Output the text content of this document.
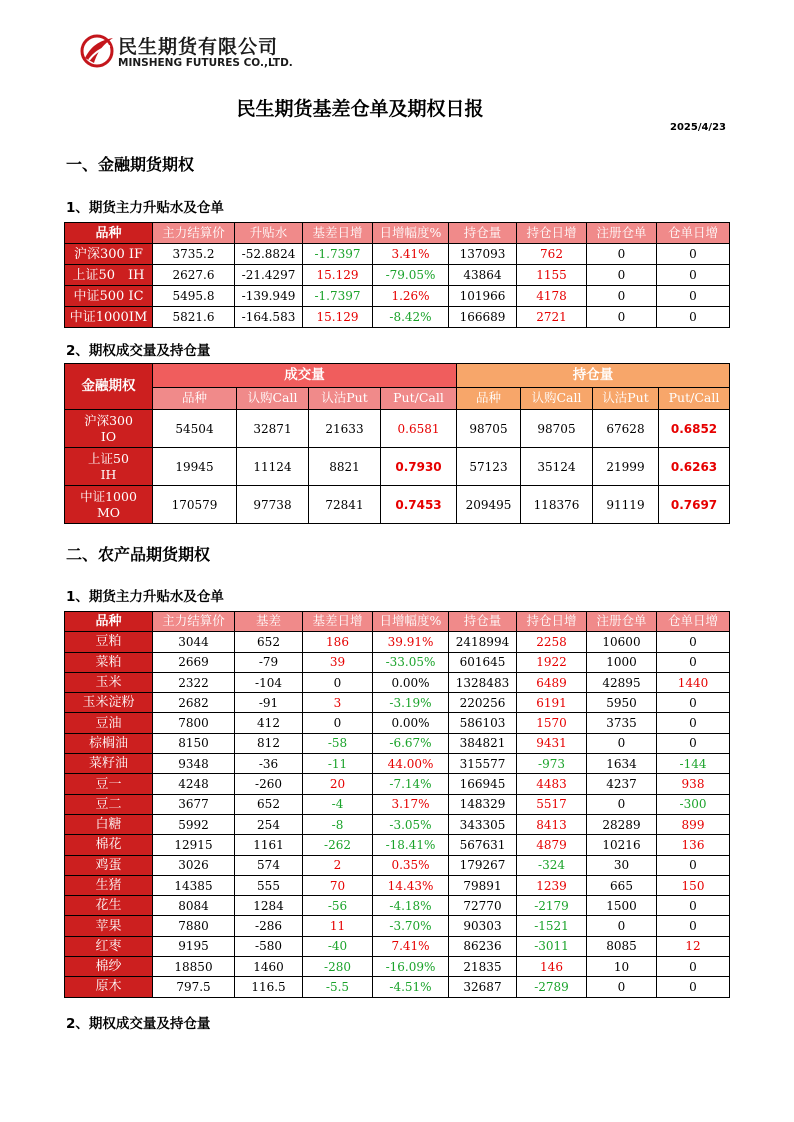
民生期货有限公司
MINSHENG FUTURES CO.,LTD.
民生期货基差仓单及期权日报
2025/4/23
一、金融期货期权
1、期货主力升贴水及仓单
品种	主力结算价	升贴水	基差日增	日增幅度%	持仓量	持仓日增	注册仓单	仓单日增
沪深300 IF	3735.2	-52.8824	-1.7397	3.41%	137093	762	0	0
上证50　IH	2627.6	-21.4297	15.129	-79.05%	43864	1155	0	0
中证500 IC	5495.8	-139.949	-1.7397	1.26%	101966	4178	0	0
中证1000IM	5821.6	-164.583	15.129	-8.42%	166689	2721	0	0
2、期权成交量及持仓量
金融期权	成交量				持仓量			
	品种	认购Call	认沽Put	Put/Call	品种	认购Call	认沽Put	Put/Call
沪深300
IO	54504	32871	21633	0.6581	98705	98705	67628	0.6852
上证50
IH	19945	11124	8821	0.7930	57123	35124	21999	0.6263
中证1000
MO	170579	97738	72841	0.7453	209495	118376	91119	0.7697
二、农产品期货期权
1、期货主力升贴水及仓单
品种	主力结算价	基差	基差日增	日增幅度%	持仓量	持仓日增	注册仓单	仓单日增
豆粕	3044	652	186	39.91%	2418994	2258	10600	0
菜粕	2669	-79	39	-33.05%	601645	1922	1000	0
玉米	2322	-104	0	0.00%	1328483	6489	42895	1440
玉米淀粉	2682	-91	3	-3.19%	220256	6191	5950	0
豆油	7800	412	0	0.00%	586103	1570	3735	0
棕榈油	8150	812	-58	-6.67%	384821	9431	0	0
菜籽油	9348	-36	-11	44.00%	315577	-973	1634	-144
豆一	4248	-260	20	-7.14%	166945	4483	4237	938
豆二	3677	652	-4	3.17%	148329	5517	0	-300
白糖	5992	254	-8	-3.05%	343305	8413	28289	899
棉花	12915	1161	-262	-18.41%	567631	4879	10216	136
鸡蛋	3026	574	2	0.35%	179267	-324	30	0
生猪	14385	555	70	14.43%	79891	1239	665	150
花生	8084	1284	-56	-4.18%	72770	-2179	1500	0
苹果	7880	-286	11	-3.70%	90303	-1521	0	0
红枣	9195	-580	-40	7.41%	86236	-3011	8085	12
棉纱	18850	1460	-280	-16.09%	21835	146	10	0
原木	797.5	116.5	-5.5	-4.51%	32687	-2789	0	0
2、期权成交量及持仓量
